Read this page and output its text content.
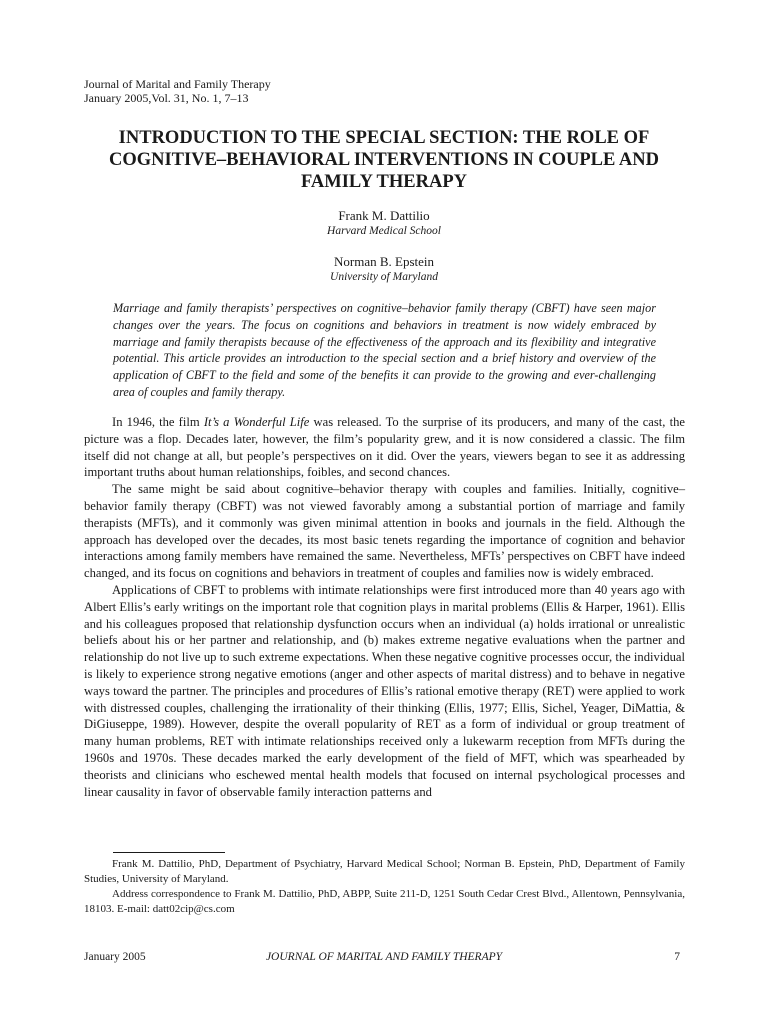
Journal of Marital and Family Therapy
January 2005,Vol. 31, No. 1, 7–13
INTRODUCTION TO THE SPECIAL SECTION: THE ROLE OF COGNITIVE–BEHAVIORAL INTERVENTIONS IN COUPLE AND FAMILY THERAPY
Frank M. Dattilio
Harvard Medical School
Norman B. Epstein
University of Maryland

Marriage and family therapists’ perspectives on cognitive–behavior family therapy (CBFT) have seen major changes over the years. The focus on cognitions and behaviors in treatment is now widely embraced by marriage and family therapists because of the effectiveness of the approach and its flexibility and integrative potential. This article provides an introduction to the special section and a brief history and overview of the application of CBFT to the field and some of the benefits it can provide to the growing and ever-challenging area of couples and family therapy.

In 1946, the film It’s a Wonderful Life was released. To the surprise of its producers, and many of the cast, the picture was a flop. Decades later, however, the film’s popularity grew, and it is now considered a classic. The film itself did not change at all, but people’s perspectives on it did. Over the years, viewers began to see it as addressing important truths about human relationships, foibles, and second chances.

The same might be said about cognitive–behavior therapy with couples and families. Initially, cognitive–behavior family therapy (CBFT) was not viewed favorably among a substantial portion of marriage and family therapists (MFTs), and it commonly was given minimal attention in books and journals in the field. Although the approach has developed over the decades, its most basic tenets regarding the importance of cognition and behavior interactions among family members have remained the same. Nevertheless, MFTs’ perspectives on CBFT have indeed changed, and its focus on cognitions and behaviors in treatment of couples and families now is widely embraced.

Applications of CBFT to problems with intimate relationships were first introduced more than 40 years ago with Albert Ellis’s early writings on the important role that cognition plays in marital problems (Ellis & Harper, 1961). Ellis and his colleagues proposed that relationship dysfunction occurs when an individual (a) holds irrational or unrealistic beliefs about his or her partner and relationship, and (b) makes extreme negative evaluations when the partner and relationship do not live up to such extreme expectations. When these negative cognitive processes occur, the individual is likely to experience strong negative emotions (anger and other aspects of marital distress) and to behave in negative ways toward the partner. The principles and procedures of Ellis’s rational emotive therapy (RET) were applied to work with distressed couples, challenging the irrationality of their thinking (Ellis, 1977; Ellis, Sichel, Yeager, DiMattia, & DiGiuseppe, 1989). However, despite the overall popularity of RET as a form of individual or group treatment of many human problems, RET with intimate relationships received only a lukewarm reception from MFTs during the 1960s and 1970s. These decades marked the early development of the field of MFT, which was spearheaded by theorists and clinicians who eschewed mental health models that focused on internal psychological processes and linear causality in favor of observable family interaction patterns and

Frank M. Dattilio, PhD, Department of Psychiatry, Harvard Medical School; Norman B. Epstein, PhD, Department of Family Studies, University of Maryland.

Address correspondence to Frank M. Dattilio, PhD, ABPP, Suite 211-D, 1251 South Cedar Crest Blvd., Allentown, Pennsylvania, 18103. E-mail: datt02cip@cs.com

January 2005	JOURNAL OF MARITAL AND FAMILY THERAPY	7
